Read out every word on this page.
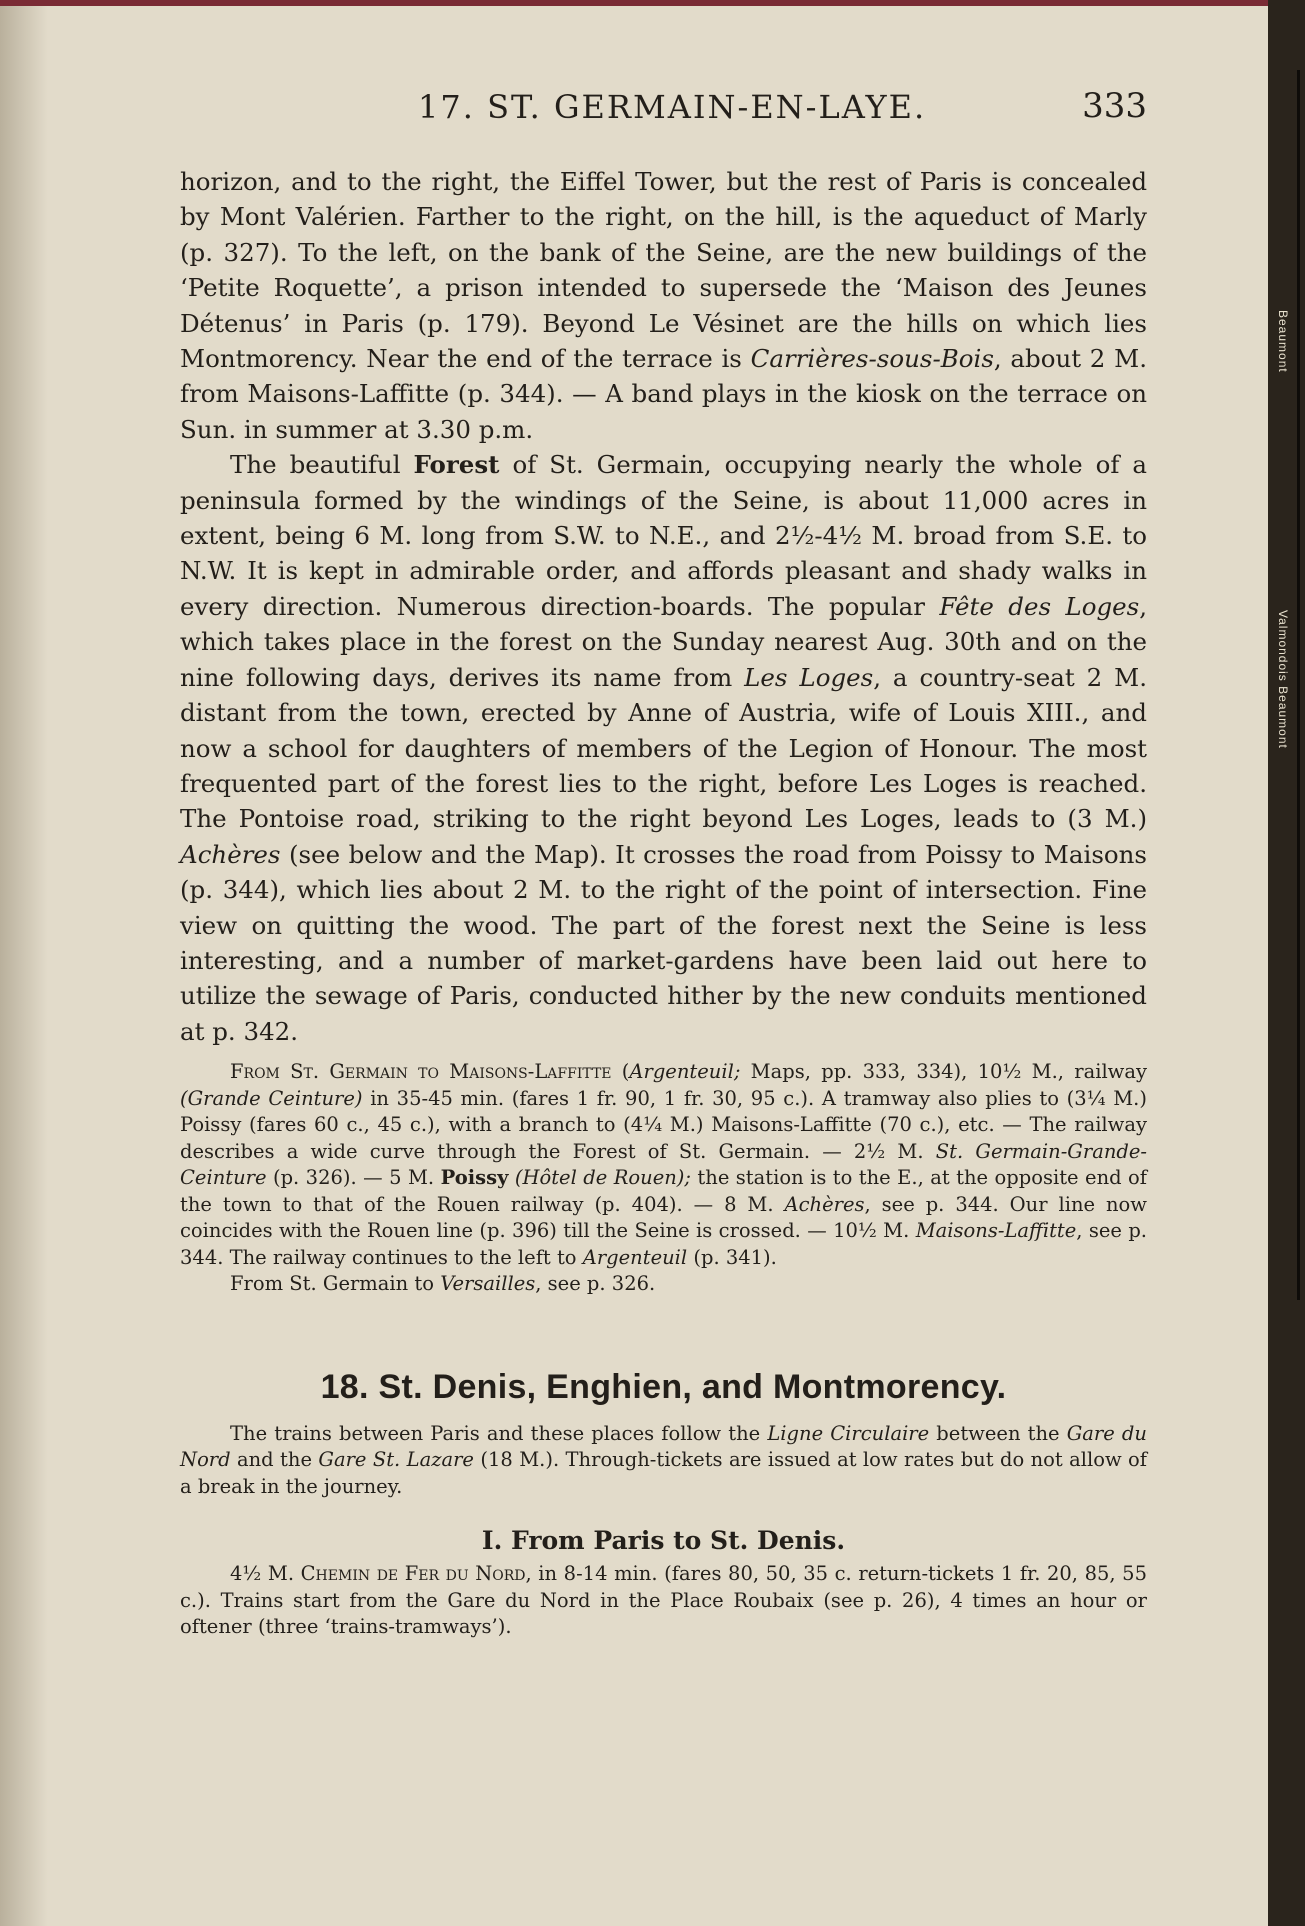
17. ST. GERMAIN-EN-LAYE.	333

horizon, and to the right, the Eiffel Tower, but the rest of Paris is concealed by Mont Valérien. Farther to the right, on the hill, is the aqueduct of Marly (p. 327). To the left, on the bank of the Seine, are the new buildings of the ‘Petite Roquette’, a prison intended to supersede the ‘Maison des Jeunes Détenus’ in Paris (p. 179). Beyond Le Vésinet are the hills on which lies Montmorency. Near the end of the terrace is Carrières-sous-Bois, about 2 M. from Maisons-Laffitte (p. 344). — A band plays in the kiosk on the terrace on Sun. in summer at 3.30 p.m.

The beautiful Forest of St. Germain, occupying nearly the whole of a peninsula formed by the windings of the Seine, is about 11,000 acres in extent, being 6 M. long from S.W. to N.E., and 2½-4½ M. broad from S.E. to N.W. It is kept in admirable order, and affords pleasant and shady walks in every direction. Numerous direction-boards. The popular Fête des Loges, which takes place in the forest on the Sunday nearest Aug. 30th and on the nine following days, derives its name from Les Loges, a country-seat 2 M. distant from the town, erected by Anne of Austria, wife of Louis XIII., and now a school for daughters of members of the Legion of Honour. The most frequented part of the forest lies to the right, before Les Loges is reached. The Pontoise road, striking to the right beyond Les Loges, leads to (3 M.) Achères (see below and the Map). It crosses the road from Poissy to Maisons (p. 344), which lies about 2 M. to the right of the point of intersection. Fine view on quitting the wood. The part of the forest next the Seine is less interesting, and a number of market-gardens have been laid out here to utilize the sewage of Paris, conducted hither by the new conduits mentioned at p. 342.

From St. Germain to Maisons-Laffitte (Argenteuil; Maps, pp. 333, 334), 10½ M., railway (Grande Ceinture) in 35-45 min. (fares 1 fr. 90, 1 fr. 30, 95 c.). A tramway also plies to (3¼ M.) Poissy (fares 60 c., 45 c.), with a branch to (4¼ M.) Maisons-Laffitte (70 c.), etc. — The railway describes a wide curve through the Forest of St. Germain. — 2½ M. St. Germain-Grande-Ceinture (p. 326). — 5 M. Poissy (Hôtel de Rouen); the station is to the E., at the opposite end of the town to that of the Rouen railway (p. 404). — 8 M. Achères, see p. 344. Our line now coincides with the Rouen line (p. 396) till the Seine is crossed. — 10½ M. Maisons-Laffitte, see p. 344. The railway continues to the left to Argenteuil (p. 341).

From St. Germain to Versailles, see p. 326.

18. St. Denis, Enghien, and Montmorency.

The trains between Paris and these places follow the Ligne Circulaire between the Gare du Nord and the Gare St. Lazare (18 M.). Through-tickets are issued at low rates but do not allow of a break in the journey.

I. From Paris to St. Denis.

4½ M. Chemin de Fer du Nord, in 8-14 min. (fares 80, 50, 35 c. return-tickets 1 fr. 20, 85, 55 c.). Trains start from the Gare du Nord in the Place Roubaix (see p. 26), 4 times an hour or oftener (three ‘trains-tramways’).

Beaumont
Valmondois Beaumont
